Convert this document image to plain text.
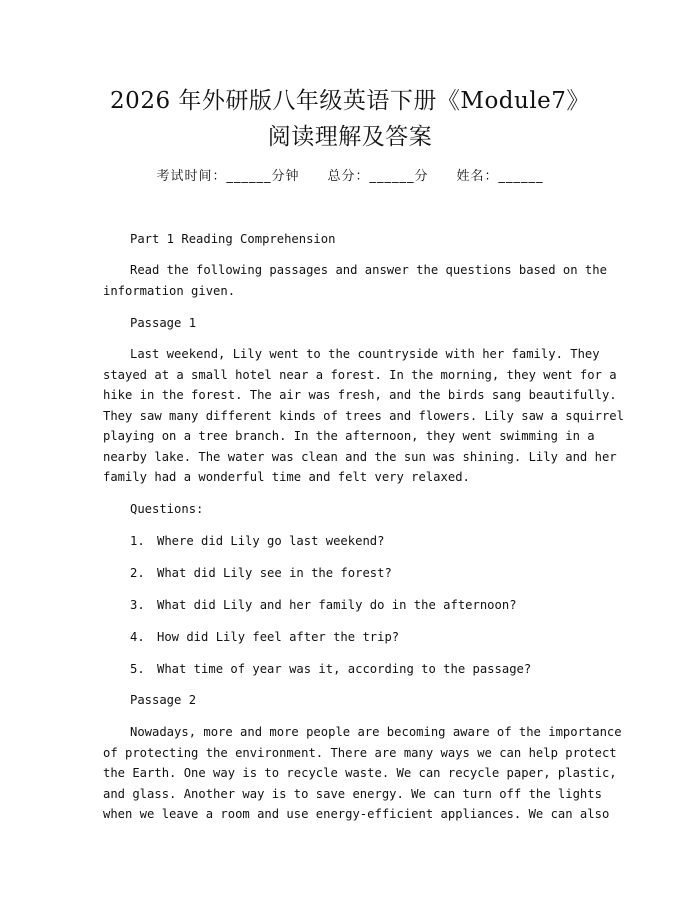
2026 年外研版八年级英语下册《Module7》
阅读理解及答案
考试时间：______分钟 总分：______分 姓名：______
Part 1 Reading Comprehension
Read the following passages and answer the questions based on the
information given.
Passage 1
Last weekend, Lily went to the countryside with her family. They
stayed at a small hotel near a forest. In the morning, they went for a
hike in the forest. The air was fresh, and the birds sang beautifully.
They saw many different kinds of trees and flowers. Lily saw a squirrel
playing on a tree branch. In the afternoon, they went swimming in a
nearby lake. The water was clean and the sun was shining. Lily and her
family had a wonderful time and felt very relaxed.
Questions:
1. Where did Lily go last weekend?
2. What did Lily see in the forest?
3. What did Lily and her family do in the afternoon?
4. How did Lily feel after the trip?
5. What time of year was it, according to the passage?
Passage 2
Nowadays, more and more people are becoming aware of the importance
of protecting the environment. There are many ways we can help protect
the Earth. One way is to recycle waste. We can recycle paper, plastic,
and glass. Another way is to save energy. We can turn off the lights
when we leave a room and use energy-efficient appliances. We can also
